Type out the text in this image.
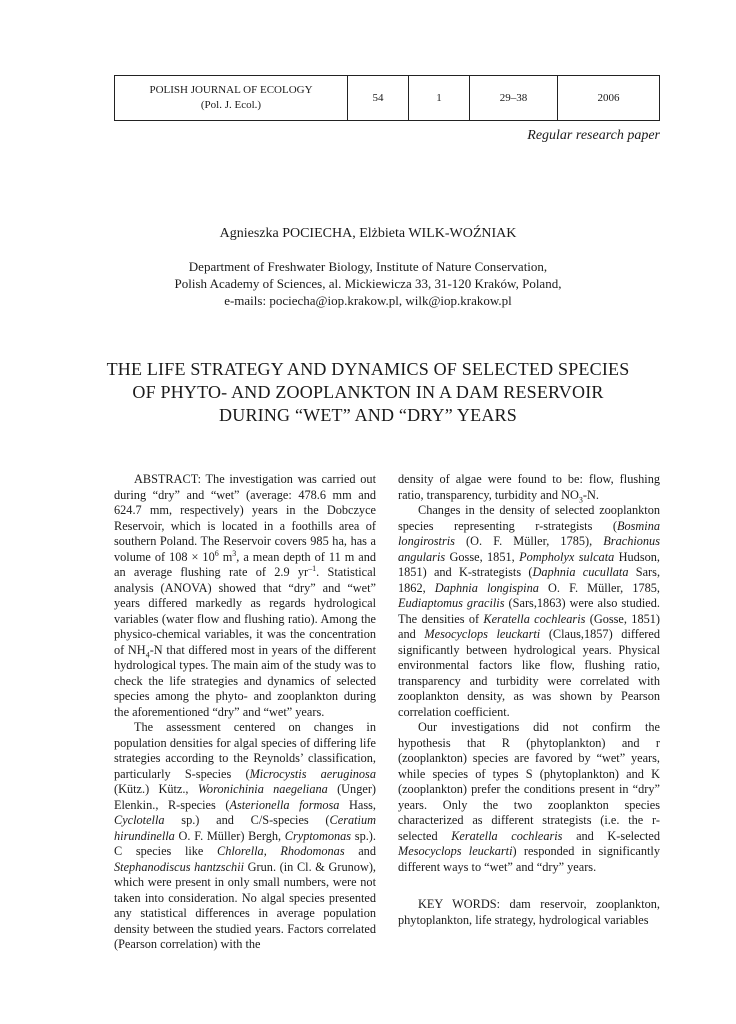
POLISH JOURNAL OF ECOLOGY
(Pol. J. Ecol.)
	54	1	29–38	2006
Regular research paper
Agnieszka POCIECHA, Elżbieta WILK-WOŹNIAK
Department of Freshwater Biology, Institute of Nature Conservation,
Polish Academy of Sciences, al. Mickiewicza 33, 31-120 Kraków, Poland,
e-mails: pociecha@iop.krakow.pl, wilk@iop.krakow.pl
THE LIFE STRATEGY AND DYNAMICS OF SELECTED SPECIES
OF PHYTO- AND ZOOPLANKTON IN A DAM RESERVOIR
DURING “WET” AND “DRY” YEARS

ABSTRACT: The investigation was carried out during “dry” and “wet” (average: 478.6 mm and 624.7 mm, respectively) years in the Dobczyce Reservoir, which is located in a foothills area of southern Poland. The Reservoir covers 985 ha, has a volume of $108 \times 10^6$ $m^3$, a mean depth of 11 m and an average flushing rate of 2.9 $yr^{-1}$. Statistical analysis (ANOVA) showed that “dry” and “wet” years differed markedly as regards hydrological variables (water flow and flushing ratio). Among the physico-chemical variables, it was the concentration of $NH_4-N$ that differed most in years of the different hydrological types. The main aim of the study was to check the life strategies and dynamics of selected species among the phyto- and zooplankton during the aforementioned “dry” and “wet” years.

The assessment centered on changes in population densities for algal species of differing life strategies according to the Reynolds’ classification, particularly S-species (Microcystis aeruginosa (Kütz.) Kütz., Woronichinia naegeliana (Unger) Elenkin., R-species (Asterionella formosa Hass, Cyclotella sp.) and C/S-species (Ceratium hirundinella O. F. Müller) Bergh, Cryptomonas sp.). C species like Chlorella, Rhodomonas and Stephanodiscus hantzschii Grun. (in Cl. & Grunow), which were present in only small numbers, were not taken into consideration. No algal species presented any statistical differences in average population density between the studied years. Factors correlated (Pearson correlation) with the

density of algae were found to be: flow, flushing ratio, transparency, turbidity and $NO_3-N$.

Changes in the density of selected zooplankton species representing r-strategists (Bosmina longirostris (O. F. Müller, 1785), Brachionus angularis Gosse, 1851, Pompholyx sulcata Hudson, 1851) and K-strategists (Daphnia cucullata Sars, 1862, Daphnia longispina O. F. Müller, 1785, Eudiaptomus gracilis (Sars,1863) were also studied. The densities of Keratella cochlearis (Gosse, 1851) and Mesocyclops leuckarti (Claus,1857) differed significantly between hydrological years. Physical environmental factors like flow, flushing ratio, transparency and turbidity were correlated with zooplankton density, as was shown by Pearson correlation coefficient.

Our investigations did not confirm the hypothesis that R (phytoplankton) and r (zooplankton) species are favored by “wet” years, while species of types S (phytoplankton) and K (zooplankton) prefer the conditions present in “dry” years. Only the two zooplankton species characterized as different strategists (i.e. the r-selected Keratella cochlearis and K-selected Mesocyclops leuckarti) responded in significantly different ways to “wet” and “dry” years.

KEY WORDS: dam reservoir, zooplankton, phytoplankton, life strategy, hydrological variables
